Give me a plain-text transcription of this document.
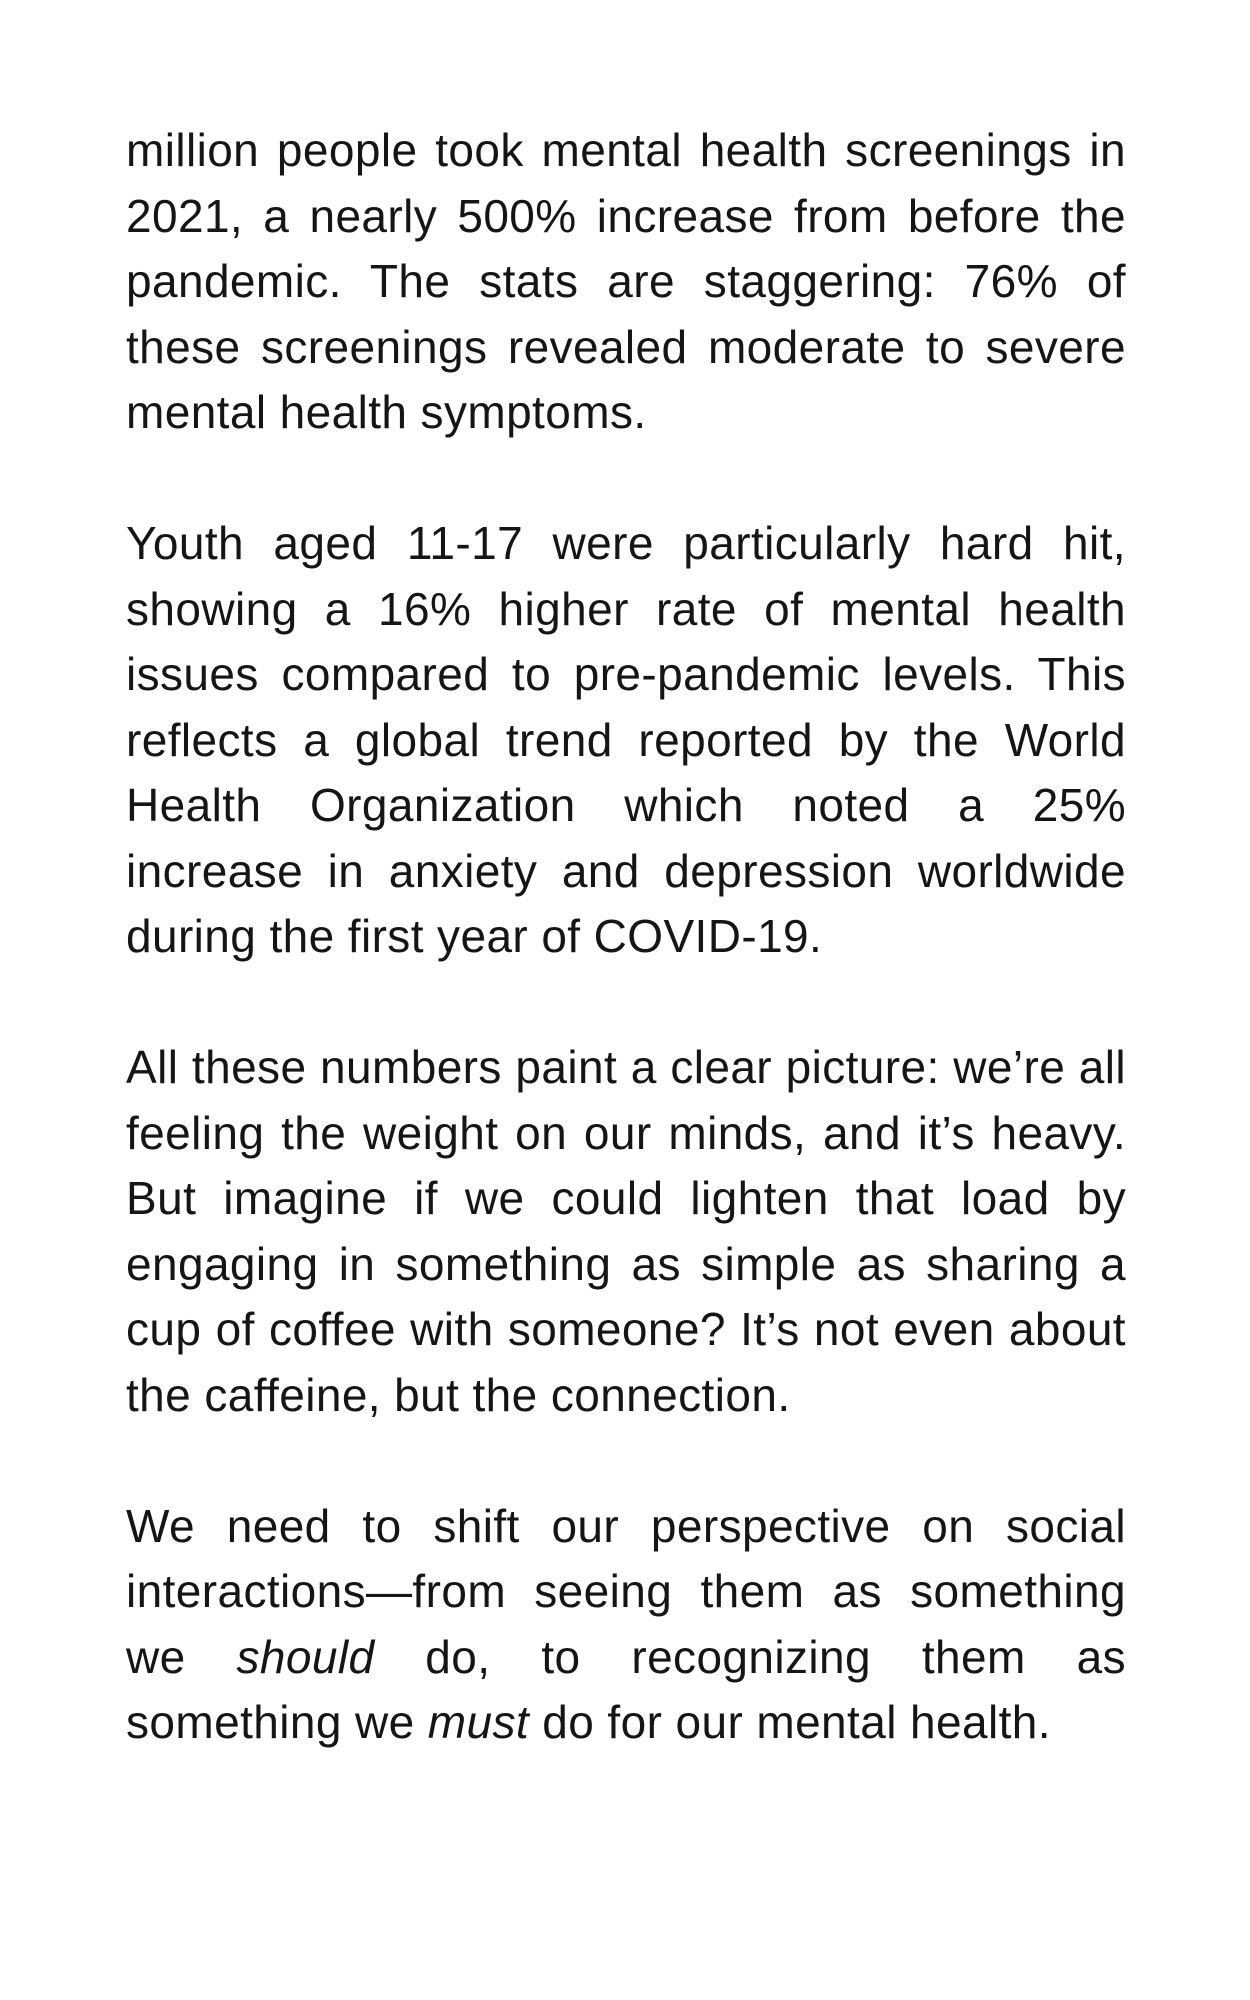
million people took mental health screenings in 2021, a nearly 500% increase from before the pandemic. The stats are staggering: 76% of these screenings revealed moderate to severe mental health symptoms.

Youth aged 11-17 were particularly hard hit, showing a 16% higher rate of mental health issues compared to pre-pandemic levels. This reflects a global trend reported by the World Health Organization which noted a 25% increase in anxiety and depression worldwide during the first year of COVID-19.

All these numbers paint a clear picture: we’re all feeling the weight on our minds, and it’s heavy. But imagine if we could lighten that load by engaging in something as simple as sharing a cup of coffee with someone? It’s not even about the caffeine, but the connection.

We need to shift our perspective on social interactions—from seeing them as something we should do, to recognizing them as something we must do for our mental health.
